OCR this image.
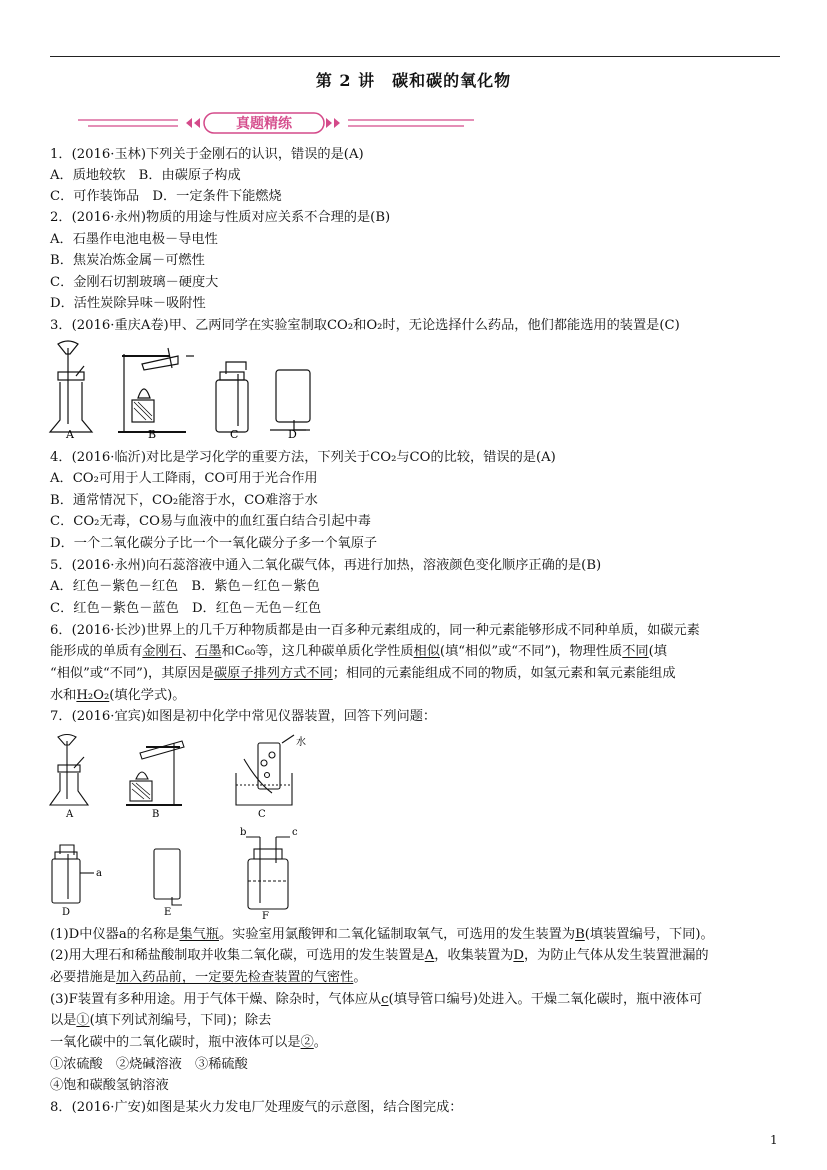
第 2 讲　碳和碳的氧化物
真题精练
1．(2016·玉林)下列关于金刚石的认识，错误的是(A)
A．质地较软　B．由碳原子构成
C．可作装饰品　D．一定条件下能燃烧
2．(2016·永州)物质的用途与性质对应关系不合理的是(B)
A．石墨作电池电极－导电性
B．焦炭冶炼金属－可燃性
C．金刚石切割玻璃－硬度大
D．活性炭除异味－吸附性
3．(2016·重庆A卷)甲、乙两同学在实验室制取CO₂和O₂时，无论选择什么药品，他们都能选用的装置是(C)
A	B	C	D
4．(2016·临沂)对比是学习化学的重要方法，下列关于CO₂与CO的比较，错误的是(A)
A．CO₂可用于人工降雨，CO可用于光合作用
B．通常情况下，CO₂能溶于水，CO难溶于水
C．CO₂无毒，CO易与血液中的血红蛋白结合引起中毒
D．一个二氧化碳分子比一个一氧化碳分子多一个氧原子
5．(2016·永州)向石蕊溶液中通入二氧化碳气体，再进行加热，溶液颜色变化顺序正确的是(B)
A．红色－紫色－红色　B．紫色－红色－紫色
C．红色－紫色－蓝色　D．红色－无色－红色
6．(2016·长沙)世界上的几千万种物质都是由一百多种元素组成的，同一种元素能够形成不同种单质，如碳元素
能形成的单质有金刚石、石墨和C₆₀等，这几种碳单质化学性质相似(填“相似”或“不同”)，物理性质不同(填
“相似”或“不同”)，其原因是碳原子排列方式不同；相同的元素能组成不同的物质，如氢元素和氧元素能组成
水和H₂O₂(填化学式)。
7．(2016·宜宾)如图是初中化学中常见仪器装置，回答下列问题：
A	B	C
D	E	F
水
a
b	c
(1)D中仪器a的名称是集气瓶。实验室用氯酸钾和二氧化锰制取氧气，可选用的发生装置为B(填装置编号，下同)。
(2)用大理石和稀盐酸制取并收集二氧化碳，可选用的发生装置是A，收集装置为D，为防止气体从发生装置泄漏的
必要措施是加入药品前，一定要先检查装置的气密性。
(3)F装置有多种用途。用于气体干燥、除杂时，气体应从c(填导管口编号)处进入。干燥二氧化碳时，瓶中液体可
以是①(填下列试剂编号，下同)；除去
一氧化碳中的二氧化碳时，瓶中液体可以是②。
①浓硫酸　②烧碱溶液　③稀硫酸
④饱和碳酸氢钠溶液
8．(2016·广安)如图是某火力发电厂处理废气的示意图，结合图完成：
1
